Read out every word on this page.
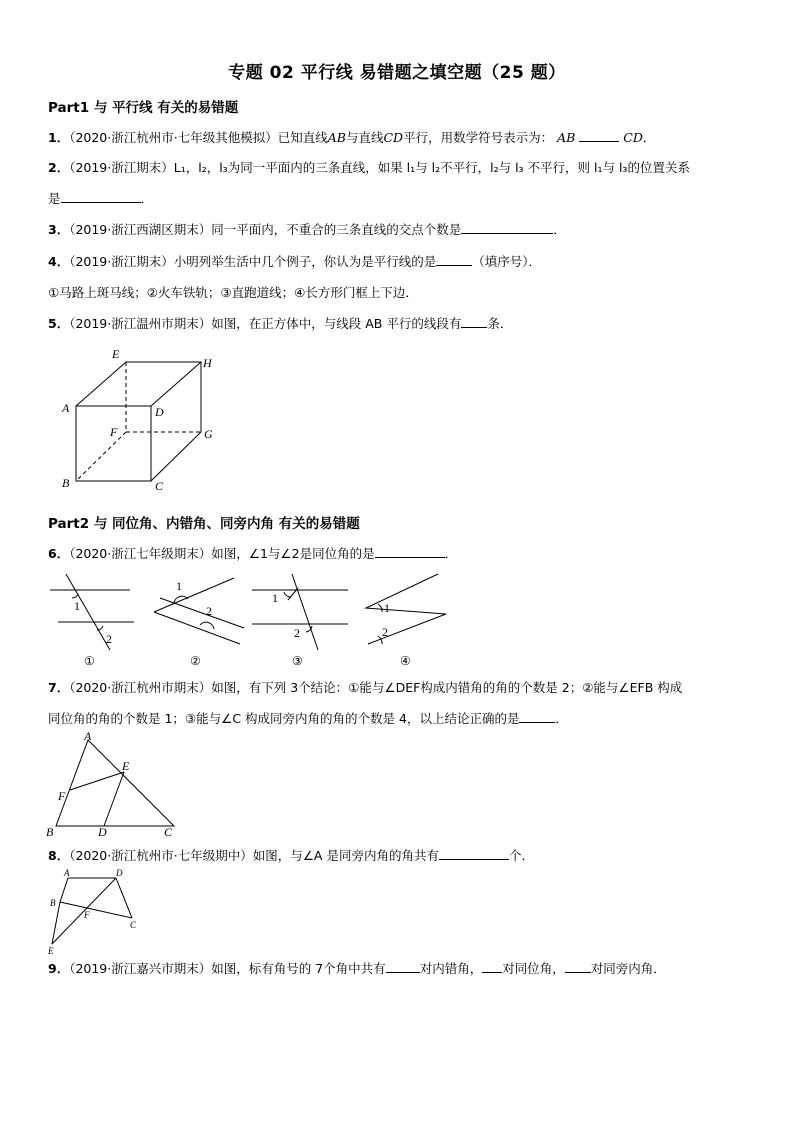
专题 02 平行线 易错题之填空题（25 题）
Part1 与 平行线 有关的易错题
1．（2020·浙江杭州市·七年级其他模拟）已知直线AB与直线CD平行，用数学符号表示为： AB	CD．
2．（2019·浙江期末）L₁，l₂，l₃为同一平面内的三条直线，如果 l₁与 l₂不平行，l₂与 l₃ 不平行，则 l₁与 l₃的位置关系
是	．
3．（2019·浙江西湖区期末）同一平面内，不重合的三条直线的交点个数是	．
4．（2019·浙江期末）小明列举生活中几个例子，你认为是平行线的是	（填序号）．
①马路上斑马线；②火车铁轨；③直跑道线；④长方形门框上下边．
5．（2019·浙江温州市期末）如图，在正方体中，与线段 AB 平行的线段有 条．
E
H
A	D
F	G
B	C
Part2 与 同位角、内错角、同旁内角 有关的易错题
6．（2020·浙江七年级期末）如图，∠1与∠2是同位角的是	．
1
2
1
2
1
2
1
2
①	②	③	④
7．（2020·浙江杭州市期末）如图，有下列 3个结论：①能与∠DEF构成内错角的角的个数是 2；②能与∠EFB 构成
同位角的角的个数是 1；③能与∠C 构成同旁内角的角的个数是 4，以上结论正确的是	．
A
E
F
B	D	C
8．（2020·浙江杭州市·七年级期中）如图，与∠A 是同旁内角的角共有	个．
A	D
B
F
C
E
9．（2019·浙江嘉兴市期末）如图，标有角号的 7个角中共有	对内错角， 对同位角， 对同旁内角．
